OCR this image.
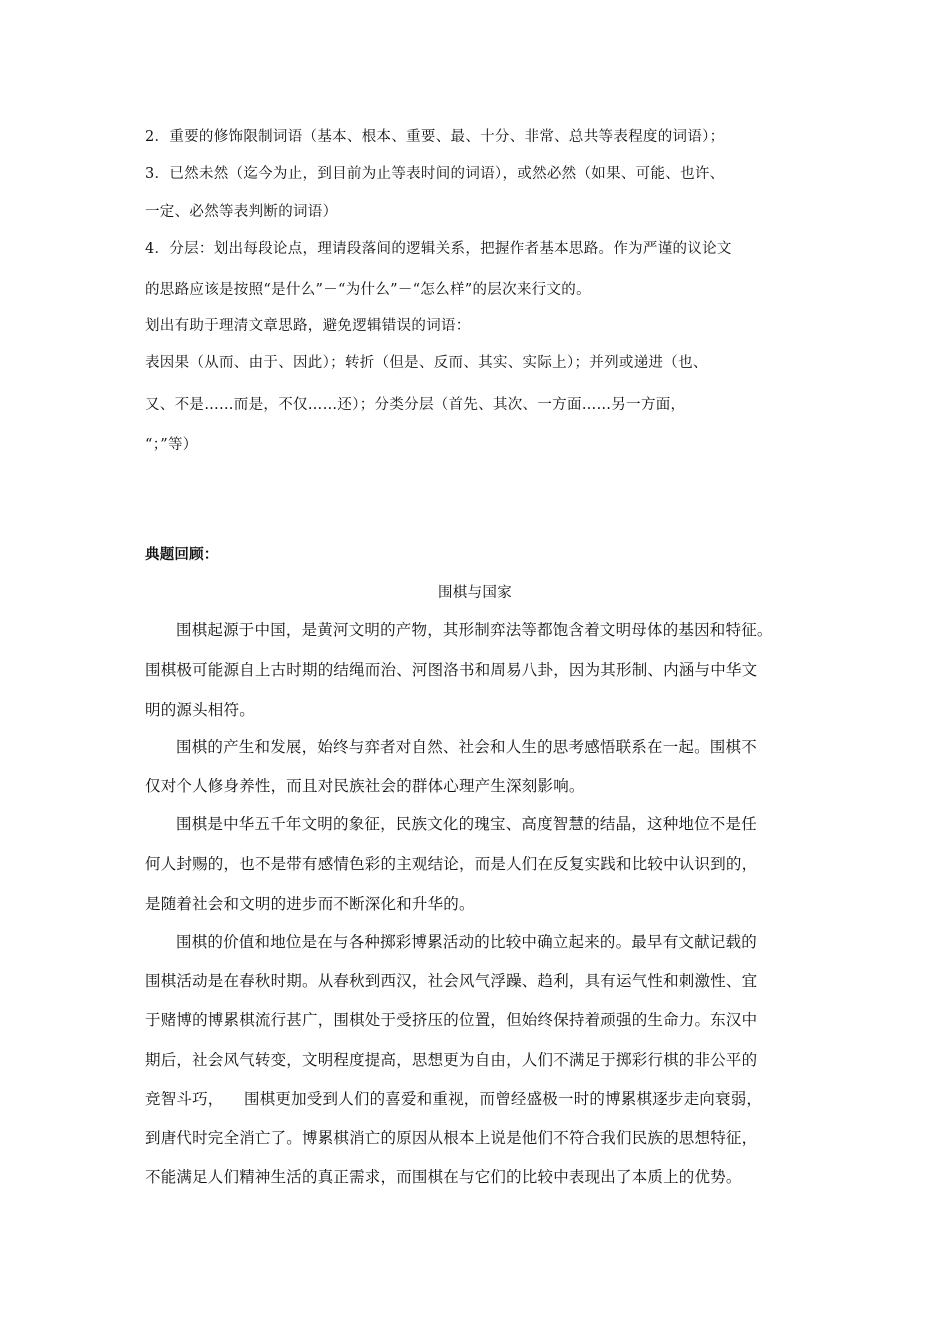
2．重要的修饰限制词语（基本、根本、重要、最、十分、非常、总共等表程度的词语）；
3．已然未然（迄今为止，到目前为止等表时间的词语），或然必然（如果、可能、也许、
一定、必然等表判断的词语）
4．分层：划出每段论点，理请段落间的逻辑关系，把握作者基本思路。作为严谨的议论文
的思路应该是按照“是什么”－“为什么”－“怎么样”的层次来行文的。
划出有助于理清文章思路，避免逻辑错误的词语：
表因果（从而、由于、因此）；转折（但是、反而、其实、实际上）；并列或递进（也、
又、不是……而是，不仅……还）；分类分层（首先、其次、一方面……另一方面，
“；”等）
典题回顾：
围棋与国家
围棋起源于中国，是黄河文明的产物，其形制弈法等都饱含着文明母体的基因和特征。
围棋极可能源自上古时期的结绳而治、河图洛书和周易八卦，因为其形制、内涵与中华文
明的源头相符。
围棋的产生和发展，始终与弈者对自然、社会和人生的思考感悟联系在一起。围棋不
仅对个人修身养性，而且对民族社会的群体心理产生深刻影响。
围棋是中华五千年文明的象征，民族文化的瑰宝、高度智慧的结晶，这种地位不是任
何人封赐的，也不是带有感情色彩的主观结论，而是人们在反复实践和比较中认识到的，
是随着社会和文明的进步而不断深化和升华的。
围棋的价值和地位是在与各种掷彩博累活动的比较中确立起来的。最早有文献记载的
围棋活动是在春秋时期。从春秋到西汉，社会风气浮躁、趋利，具有运气性和刺激性、宜
于赌博的博累棋流行甚广，围棋处于受挤压的位置，但始终保持着顽强的生命力。东汉中
期后，社会风气转变，文明程度提高，思想更为自由，人们不满足于掷彩行棋的非公平的
竞智斗巧，    围棋更加受到人们的喜爱和重视，而曾经盛极一时的博累棋逐步走向衰弱，
到唐代时完全消亡了。博累棋消亡的原因从根本上说是他们不符合我们民族的思想特征，
不能满足人们精神生活的真正需求，而围棋在与它们的比较中表现出了本质上的优势。
